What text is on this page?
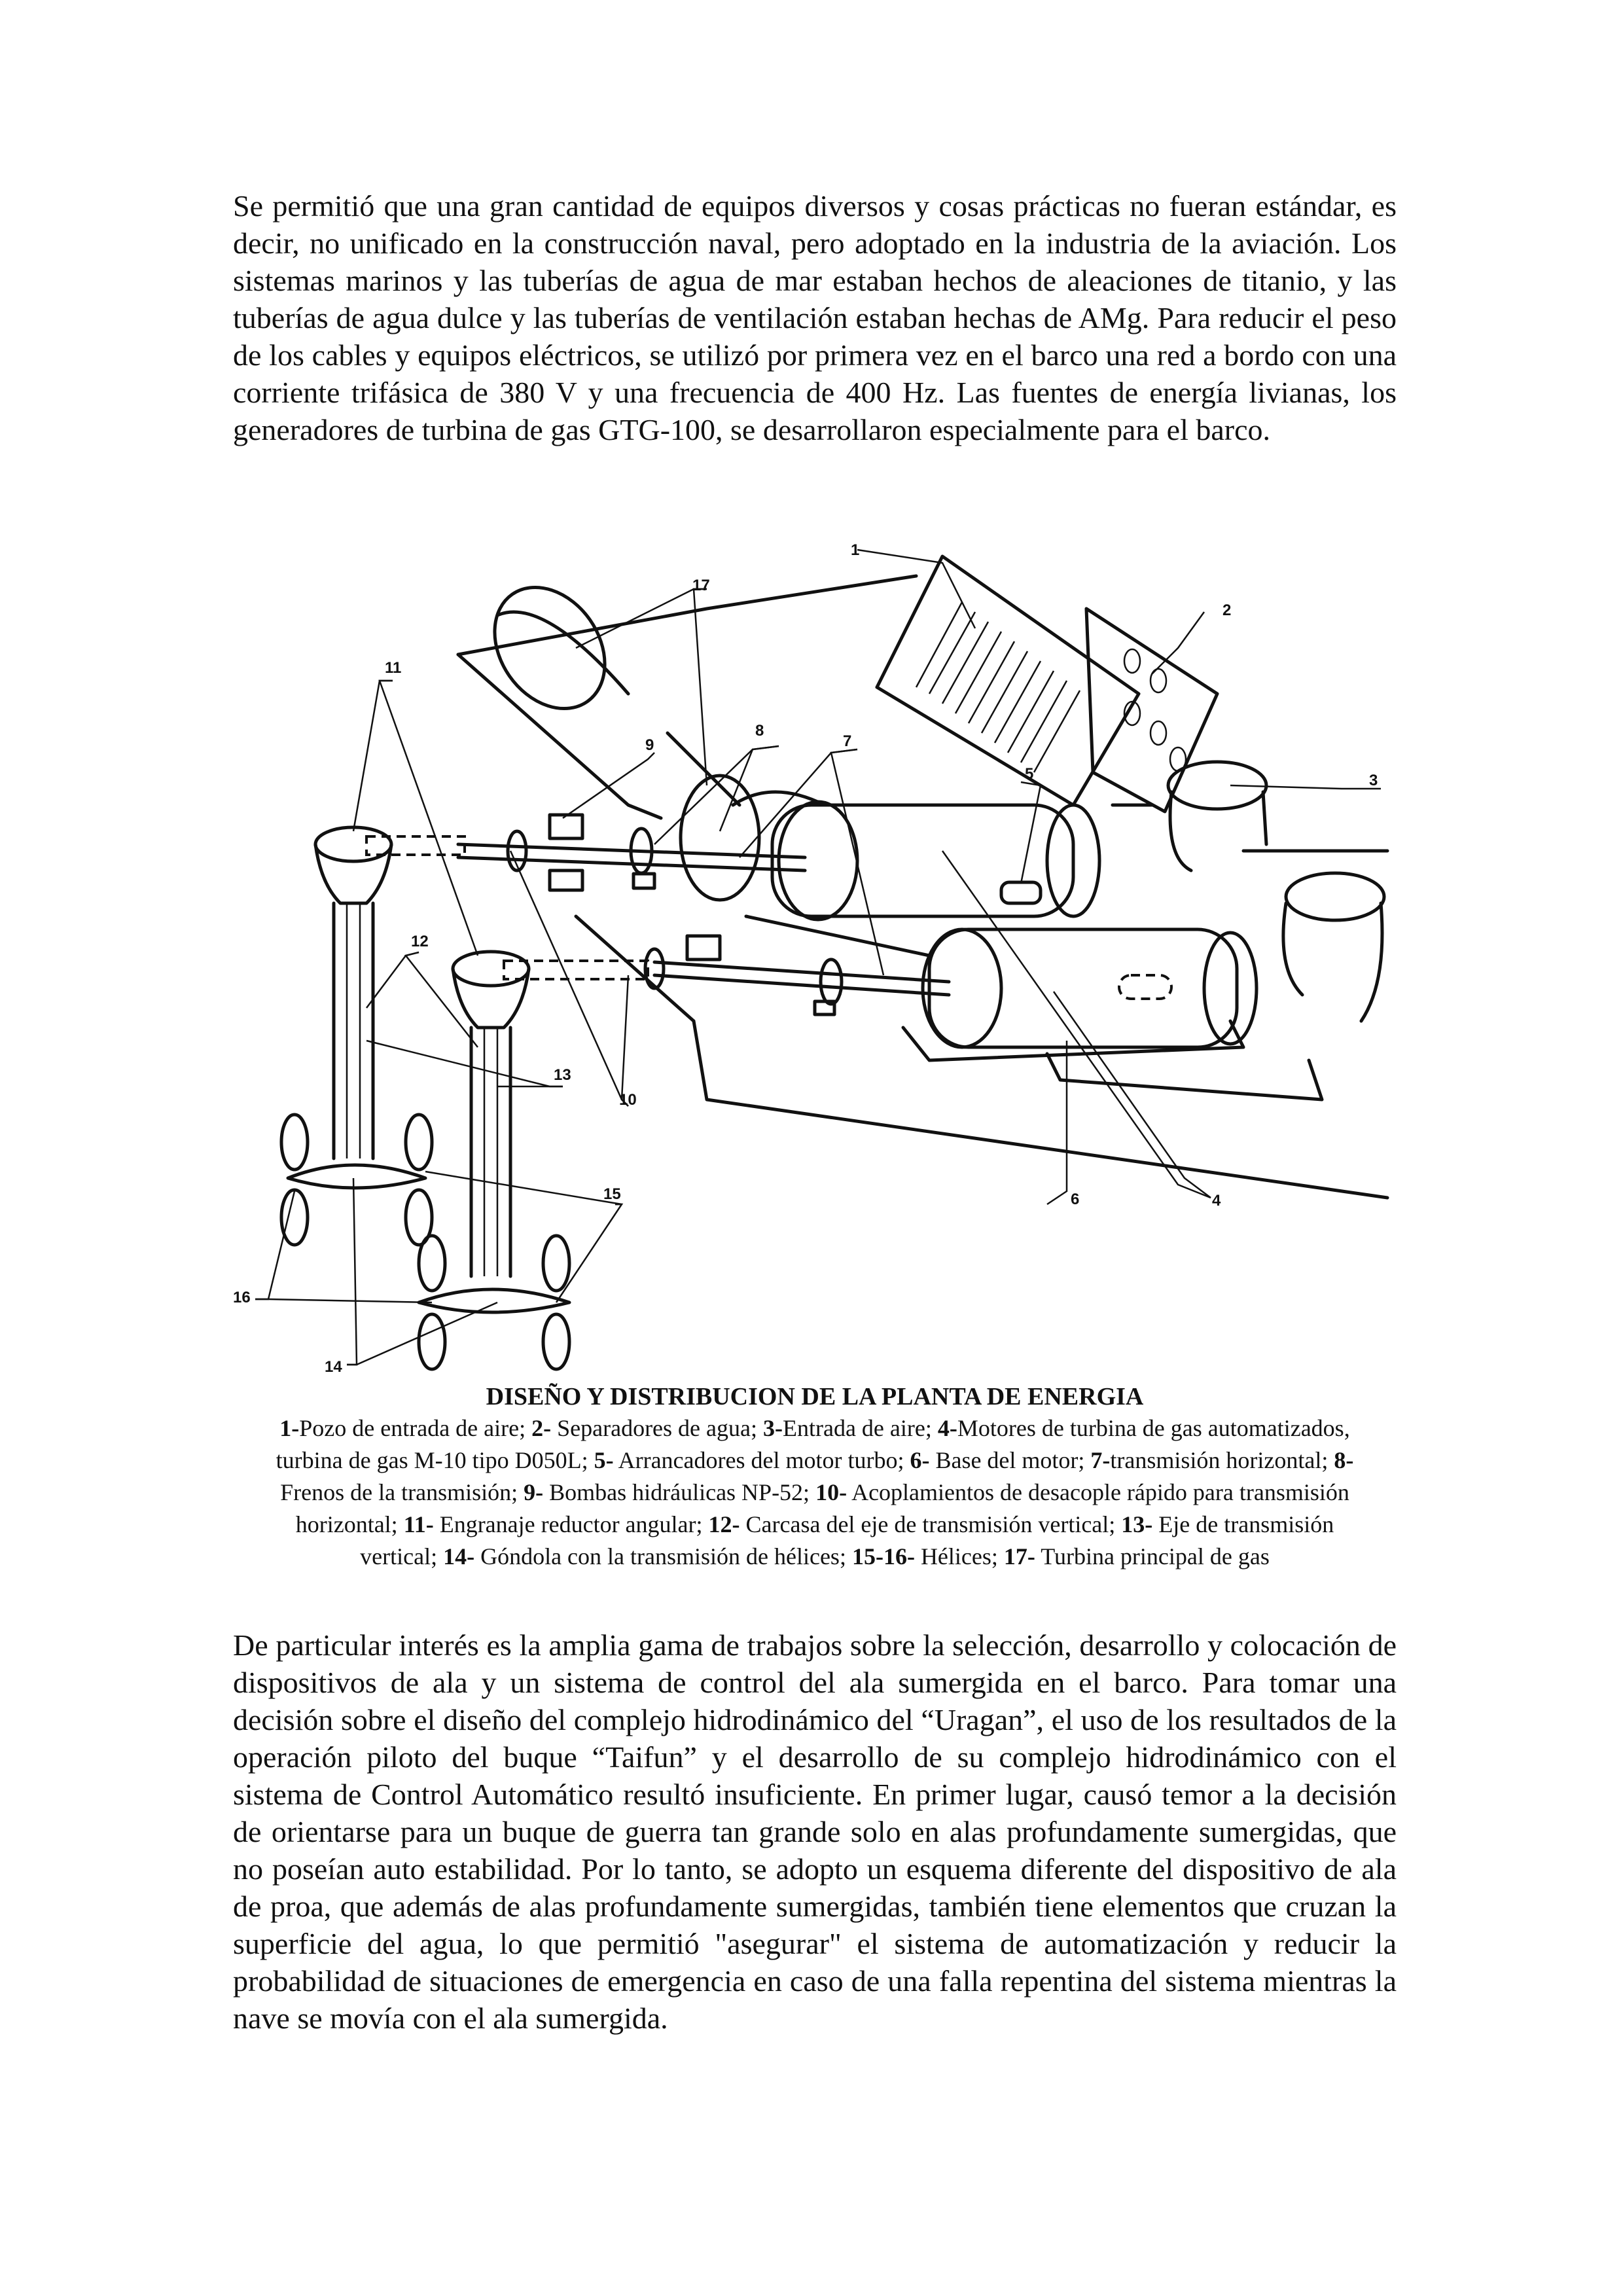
Se permitió que una gran cantidad de equipos diversos y cosas prácticas no fueran estándar, es decir, no unificado en la construcción naval, pero adoptado en la industria de la aviación. Los sistemas marinos y las tuberías de agua de mar estaban hechos de aleaciones de titanio, y las tuberías de agua dulce y las tuberías de ventilación estaban hechas de AMg. Para reducir el peso de los cables y equipos eléctricos, se utilizó por primera vez en el barco una red a bordo con una corriente trifásica de 380 V y una frecuencia de 400 Hz. Las fuentes de energía livianas, los generadores de turbina de gas GTG-100, se desarrollaron especialmente para el barco.

1
2
3
4
5
6
7
8
9
10
11
12
13
14
15
16
17

DISEÑO Y DISTRIBUCION DE LA PLANTA DE ENERGIA

1-Pozo de entrada de aire; 2- Separadores de agua; 3-Entrada de aire; 4-Motores de turbina de gas automatizados, turbina de gas M-10 tipo D050L; 5- Arrancadores del motor turbo; 6- Base del motor; 7-transmisión horizontal; 8- Frenos de la transmisión; 9- Bombas hidráulicas NP-52; 10- Acoplamientos de desacople rápido para transmisión horizontal; 11- Engranaje reductor angular; 12- Carcasa del eje de transmisión vertical; 13- Eje de transmisión vertical; 14- Góndola con la transmisión de hélices; 15-16- Hélices; 17- Turbina principal de gas

De particular interés es la amplia gama de trabajos sobre la selección, desarrollo y colocación de dispositivos de ala y un sistema de control del ala sumergida en el barco. Para tomar una decisión sobre el diseño del complejo hidrodinámico del “Uragan”, el uso de los resultados de la operación piloto del buque “Taifun” y el desarrollo de su complejo hidrodinámico con el sistema de Control Automático resultó insuficiente. En primer lugar, causó temor a la decisión de orientarse para un buque de guerra tan grande solo en alas profundamente sumergidas, que no poseían auto estabilidad. Por lo tanto, se adopto un esquema diferente del dispositivo de ala de proa, que además de alas profundamente sumergidas, también tiene elementos que cruzan la superficie del agua, lo que permitió "asegurar" el sistema de automatización y reducir la probabilidad de situaciones de emergencia en caso de una falla repentina del sistema mientras la nave se movía con el ala sumergida.
